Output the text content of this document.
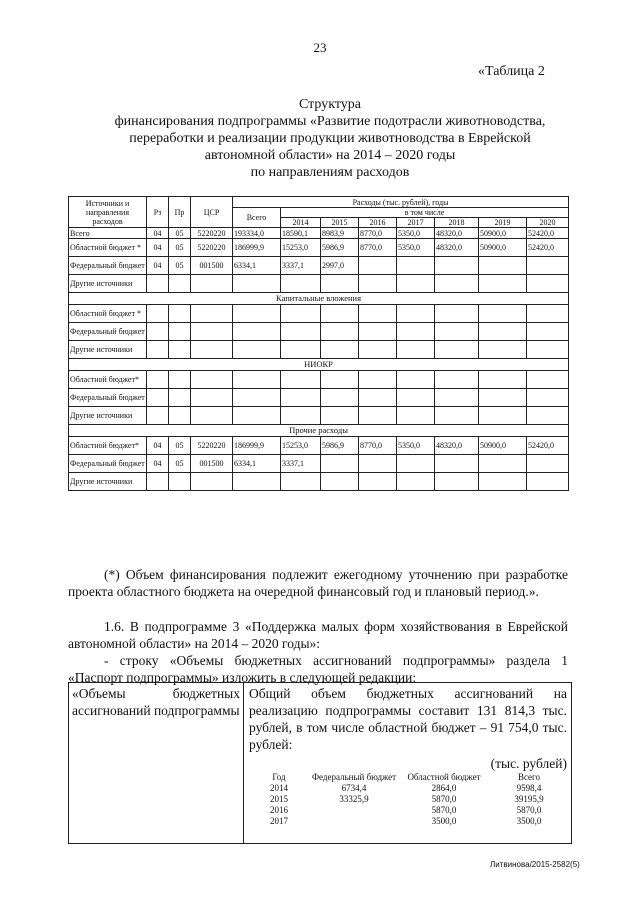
23
«Таблица 2
Структура
финансирования подпрограммы «Развитие подотрасли животноводства,
переработки и реализации продукции животноводства в Еврейской
автономной области» на 2014 – 2020 годы
по направлениям расходов
Источники и направления расходов	Рз	Пр	ЦСР	Расходы (тыс. рублей), годы							
				Всего	в том числе						
					2014	2015	2016	2017	2018	2019	2020
Всего	04	05	5220220	193334,0	18590,1	8983,9	8770,0	5350,0	48320,0	50900,0	52420,0
Областной бюджет *	04	05	5220220	186999,9	15253,0	5986,9	8770,0	5350,0	48320,0	50900,0	52420,0
Федеральный бюджет	04	05	001500	6334,1	3337,1	2997,0					
Другие источники											
Капитальные вложения											
Областной бюджет *											
Федеральный бюджет											
Другие источники											
НИОКР											
Областной бюджет*											
Федеральный бюджет											
Другие источники											
Прочие расходы											
Областной бюджет*	04	05	5220220	186999,9	15253,0	5986,9	8770,0	5350,0	48320,0	50900,0	52420,0
Федеральный бюджет	04	05	001500	6334,1	3337,1						
Другие источники											

(*) Объем финансирования подлежит ежегодному уточнению при разработке проекта областного бюджета на очередной финансовый год и плановый период.».

1.6. В подпрограмме 3 «Поддержка малых форм хозяйствования в Еврейской автономной области» на 2014 – 2020 годы»:

- строку «Объемы бюджетных ассигнований подпрограммы» раздела 1 «Паспорт подпрограммы» изложить в следующей редакции:

«Объемы бюджетных ассигнований подпрограммы
Общий объем бюджетных ассигнований на реализацию подпрограммы составит 131 814,3 тыс. рублей, в том числе областной бюджет – 91 754,0 тыс. рублей:
(тыс. рублей)
Год	Федеральный бюджет	Областной бюджет	Всего
2014	6734,4	2864,0	9598,4
2015	33325,9	5870,0	39195,9
2016		5870,0	5870,0
2017		3500,0	3500,0
Литвинова/2015-2582(5)
